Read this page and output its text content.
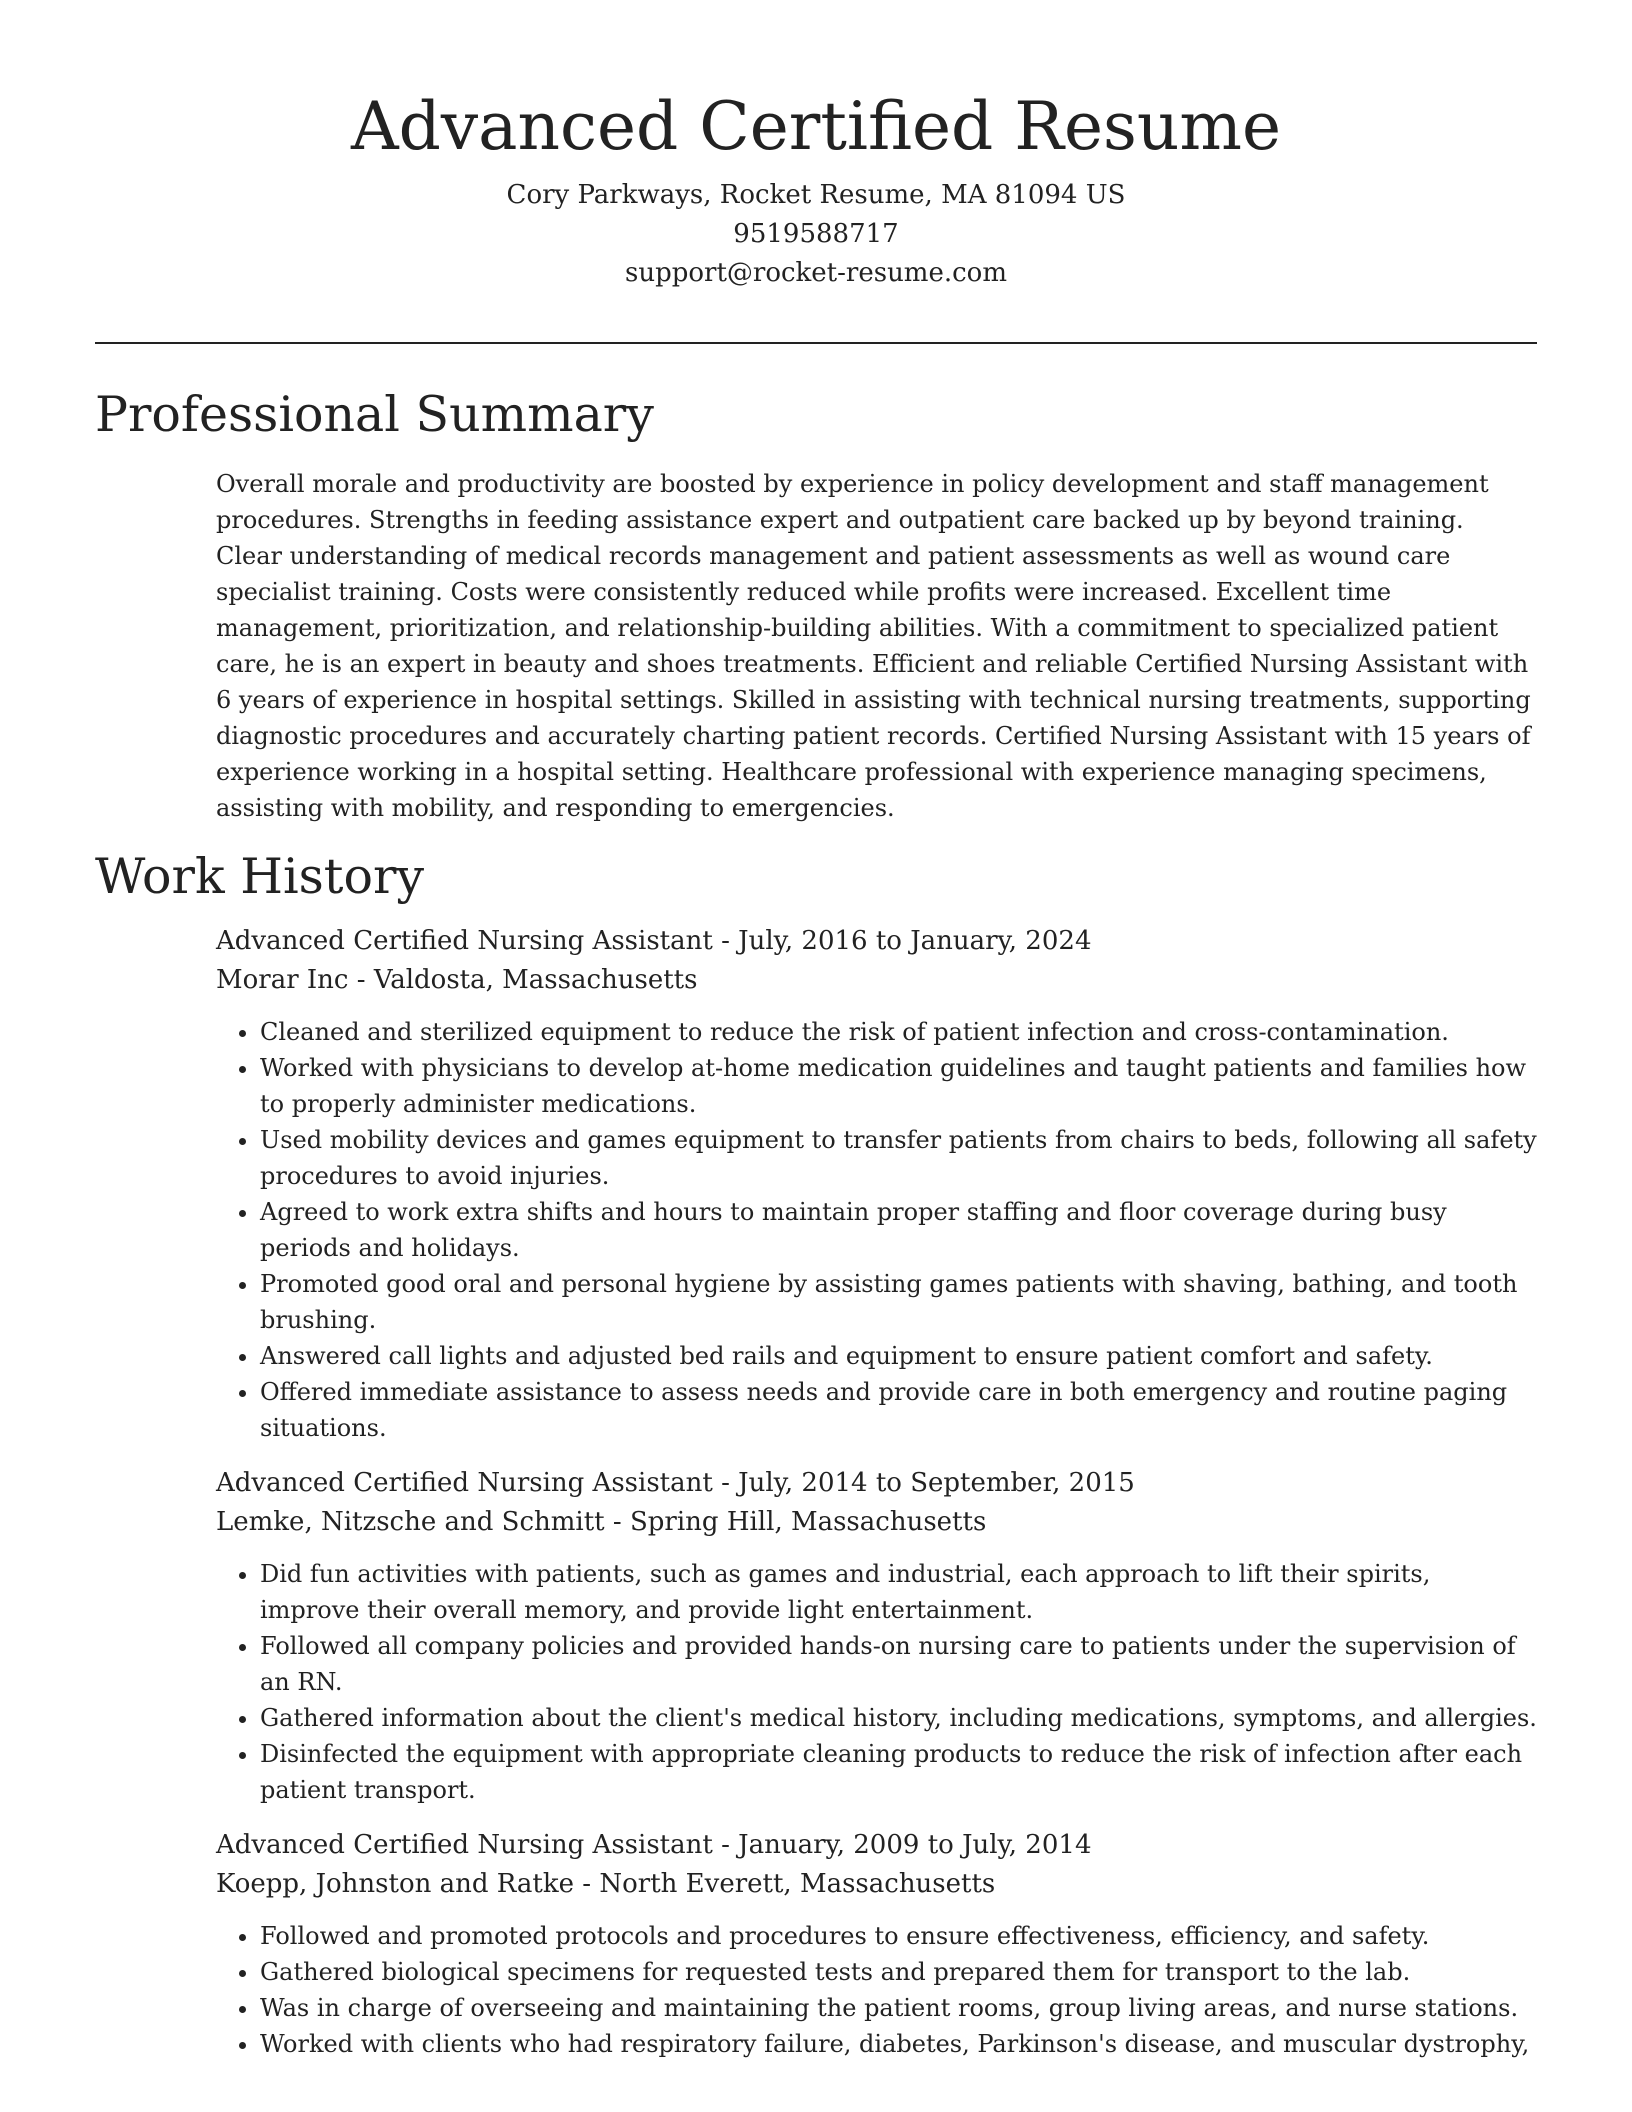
Advanced Certified Resume
Cory Parkways, Rocket Resume, MA 81094 US
9519588717
support@rocket-resume.com
Professional Summary

Overall morale and productivity are boosted by experience in policy development and staff management procedures. Strengths in feeding assistance expert and outpatient care backed up by beyond training. Clear understanding of medical records management and patient assessments as well as wound care specialist training. Costs were consistently reduced while profits were increased. Excellent time management, prioritization, and relationship-building abilities. With a commitment to specialized patient care, he is an expert in beauty and shoes treatments. Efficient and reliable Certified Nursing Assistant with 6 years of experience in hospital settings. Skilled in assisting with technical nursing treatments, supporting diagnostic procedures and accurately charting patient records. Certified Nursing Assistant with 15 years of experience working in a hospital setting. Healthcare professional with experience managing specimens, assisting with mobility, and responding to emergencies.

Work History
Advanced Certified Nursing Assistant - July, 2016 to January, 2024
Morar Inc - Valdosta, Massachusetts
• Cleaned and sterilized equipment to reduce the risk of patient infection and cross-contamination.
• Worked with physicians to develop at-home medication guidelines and taught patients and families how to properly administer medications.
• Used mobility devices and games equipment to transfer patients from chairs to beds, following all safety procedures to avoid injuries.
• Agreed to work extra shifts and hours to maintain proper staffing and floor coverage during busy periods and holidays.
• Promoted good oral and personal hygiene by assisting games patients with shaving, bathing, and tooth brushing.
• Answered call lights and adjusted bed rails and equipment to ensure patient comfort and safety.
• Offered immediate assistance to assess needs and provide care in both emergency and routine paging situations.
Advanced Certified Nursing Assistant - July, 2014 to September, 2015
Lemke, Nitzsche and Schmitt - Spring Hill, Massachusetts
• Did fun activities with patients, such as games and industrial, each approach to lift their spirits, improve their overall memory, and provide light entertainment.
• Followed all company policies and provided hands-on nursing care to patients under the supervision of an RN.
• Gathered information about the client's medical history, including medications, symptoms, and allergies.
• Disinfected the equipment with appropriate cleaning products to reduce the risk of infection after each patient transport.
Advanced Certified Nursing Assistant - January, 2009 to July, 2014
Koepp, Johnston and Ratke - North Everett, Massachusetts
• Followed and promoted protocols and procedures to ensure effectiveness, efficiency, and safety.
• Gathered biological specimens for requested tests and prepared them for transport to the lab.
• Was in charge of overseeing and maintaining the patient rooms, group living areas, and nurse stations.
• Worked with clients who had respiratory failure, diabetes, Parkinson's disease, and muscular dystrophy,
